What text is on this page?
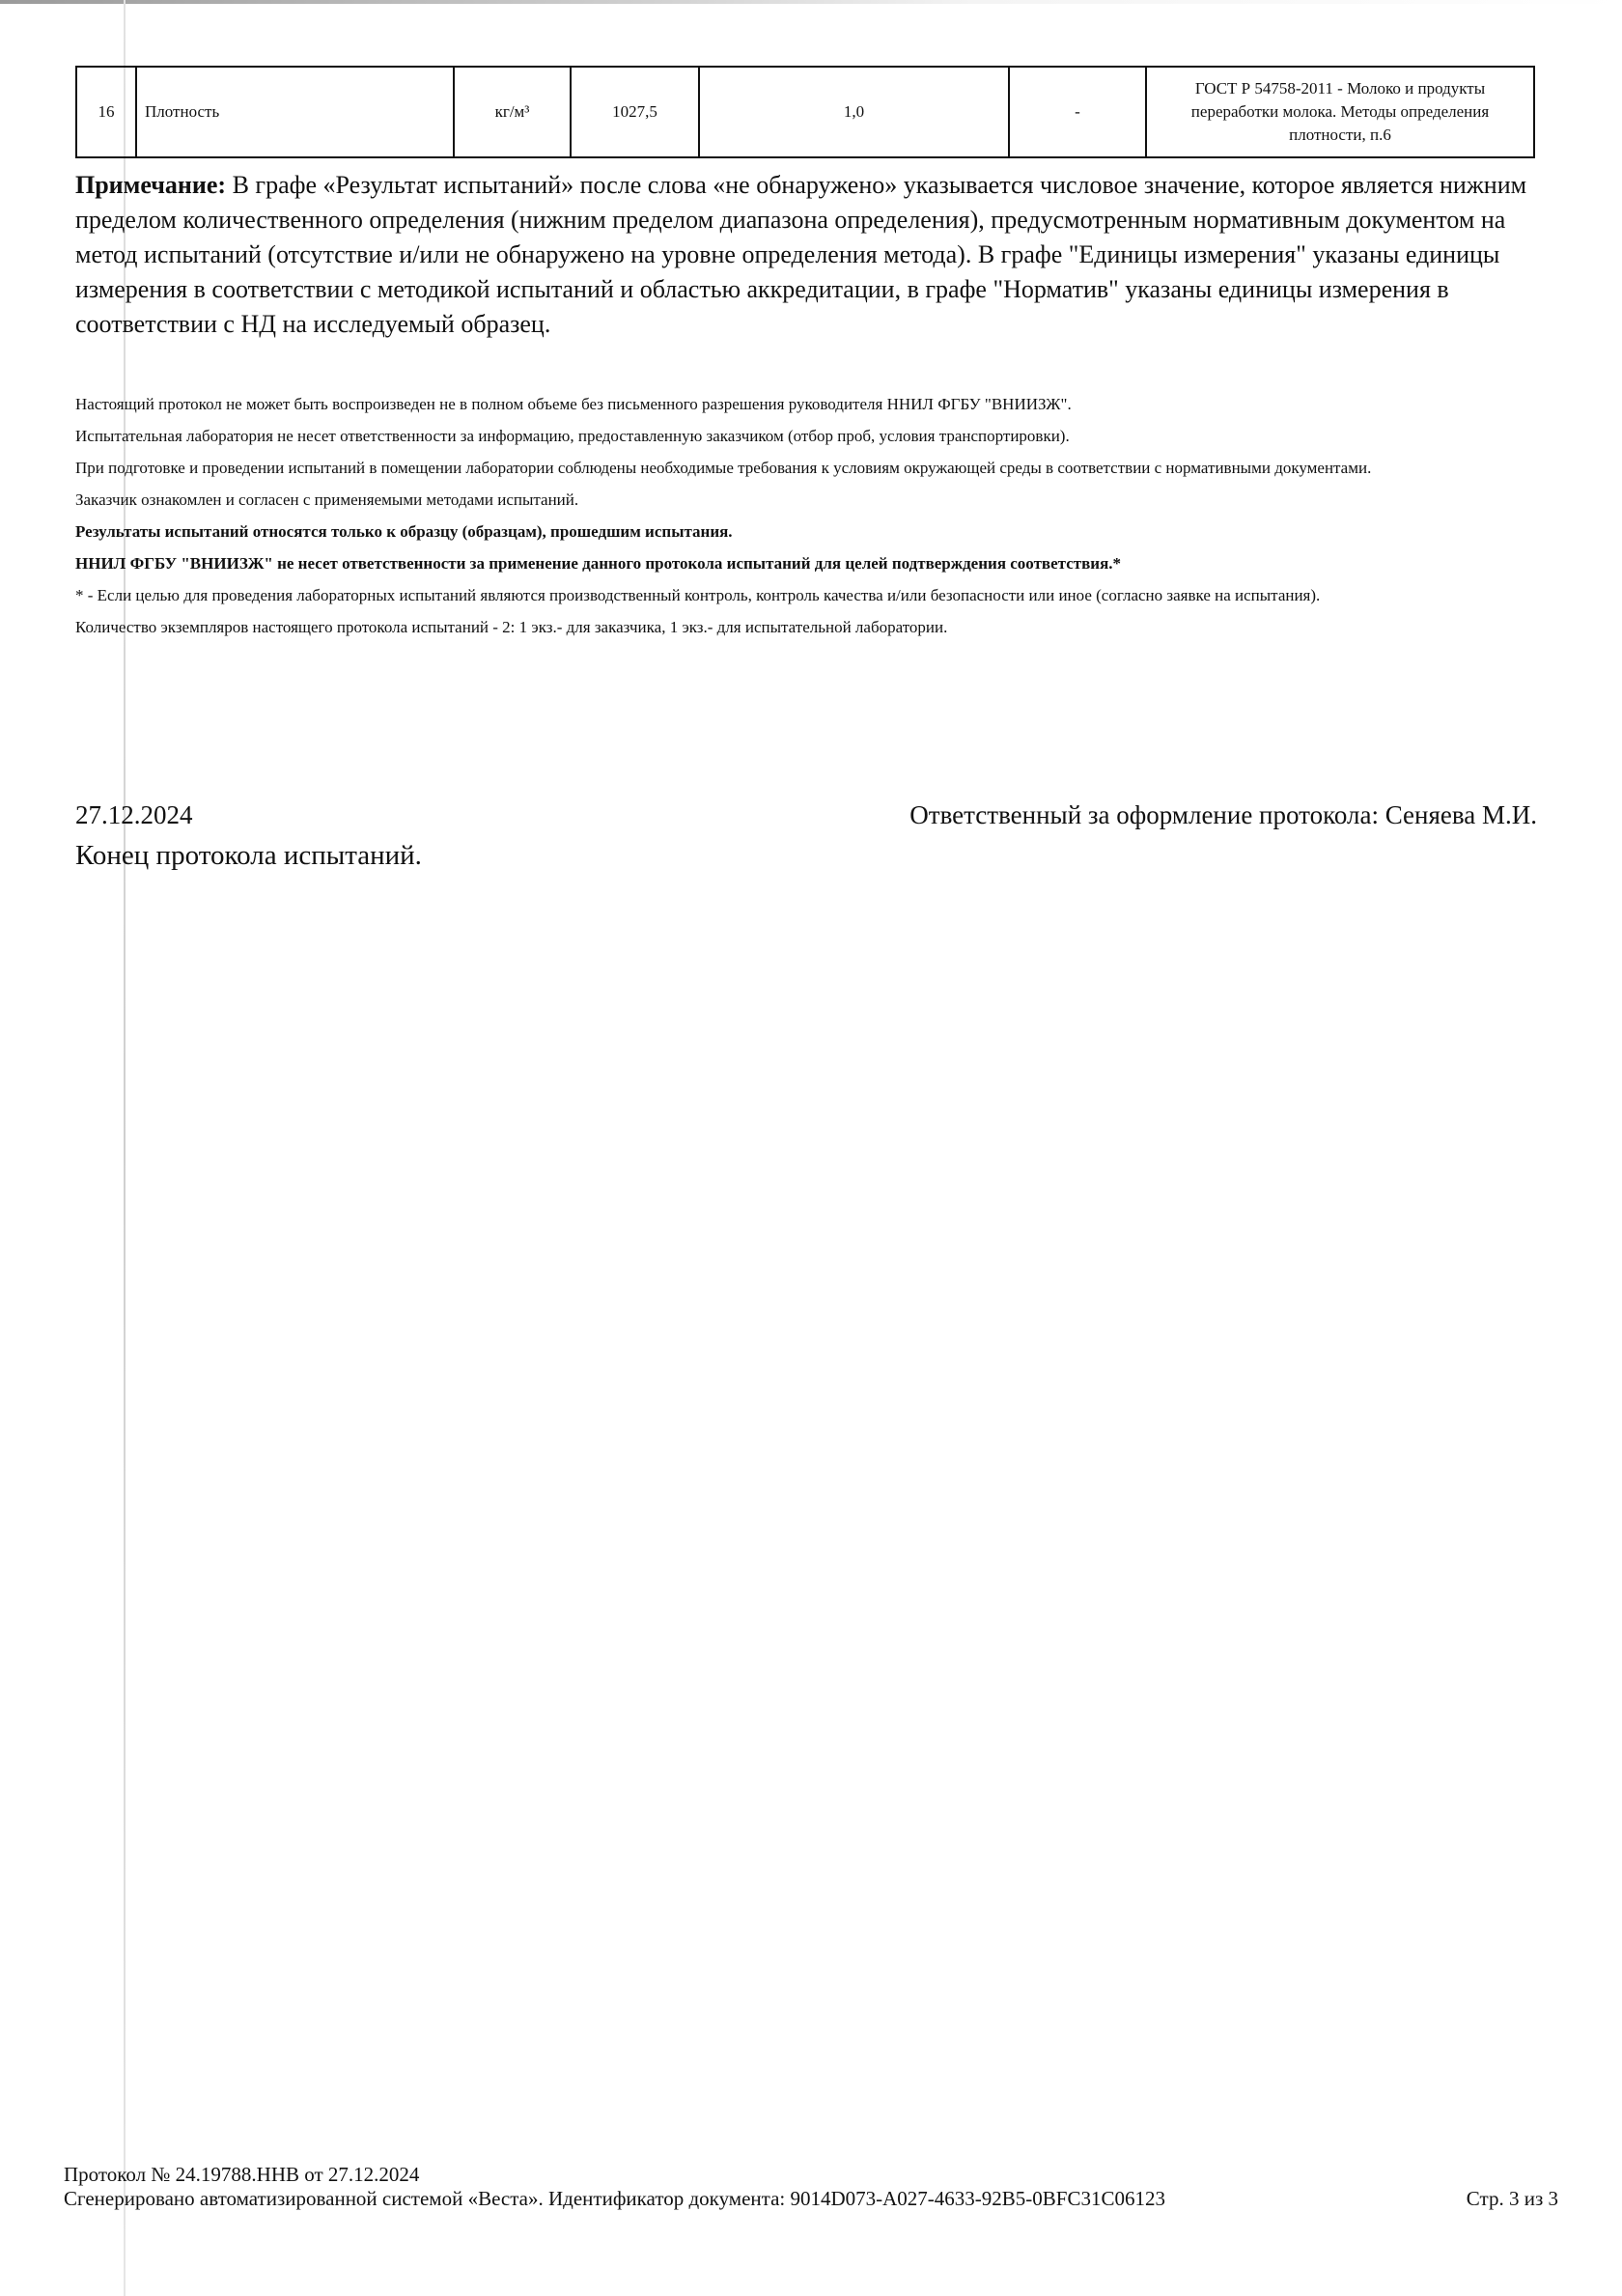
16	Плотность	кг/м³	1027,5	1,0	-	ГОСТ Р 54758-2011 - Молоко и продукты переработки молока. Методы определения плотности, п.6

Примечание: В графе «Результат испытаний» после слова «не обнаружено» указывается числовое значение, которое является нижним пределом количественного определения (нижним пределом диапазона определения), предусмотренным нормативным документом на метод испытаний (отсутствие и/или не обнаружено на уровне определения метода). В графе "Единицы измерения" указаны единицы измерения в соответствии с методикой испытаний и областью аккредитации, в графе "Норматив" указаны единицы измерения в соответствии с НД на исследуемый образец.

Настоящий протокол не может быть воспроизведен не в полном объеме без письменного разрешения руководителя ННИЛ ФГБУ "ВНИИЗЖ".

Испытательная лаборатория не несет ответственности за информацию, предоставленную заказчиком (отбор проб, условия транспортировки).

При подготовке и проведении испытаний в помещении лаборатории соблюдены необходимые требования к условиям окружающей среды в соответствии с нормативными документами.

Заказчик ознакомлен и согласен с применяемыми методами испытаний.

Результаты испытаний относятся только к образцу (образцам), прошедшим испытания.

ННИЛ ФГБУ "ВНИИЗЖ" не несет ответственности за применение данного протокола испытаний для целей подтверждения соответствия.*

* - Если целью для проведения лабораторных испытаний являются производственный контроль, контроль качества и/или безопасности или иное (согласно заявке на испытания).

Количество экземпляров настоящего протокола испытаний - 2: 1 экз.- для заказчика, 1 экз.- для испытательной лаборатории.

27.12.2024	Ответственный за оформление протокола: Сеняева М.И.
Конец протокола испытаний.
Протокол № 24.19788.ННВ от 27.12.2024
Сгенерировано автоматизированной системой «Веста». Идентификатор документа: 9014D073-A027-4633-92B5-0BFC31C06123	Стр. 3 из 3
